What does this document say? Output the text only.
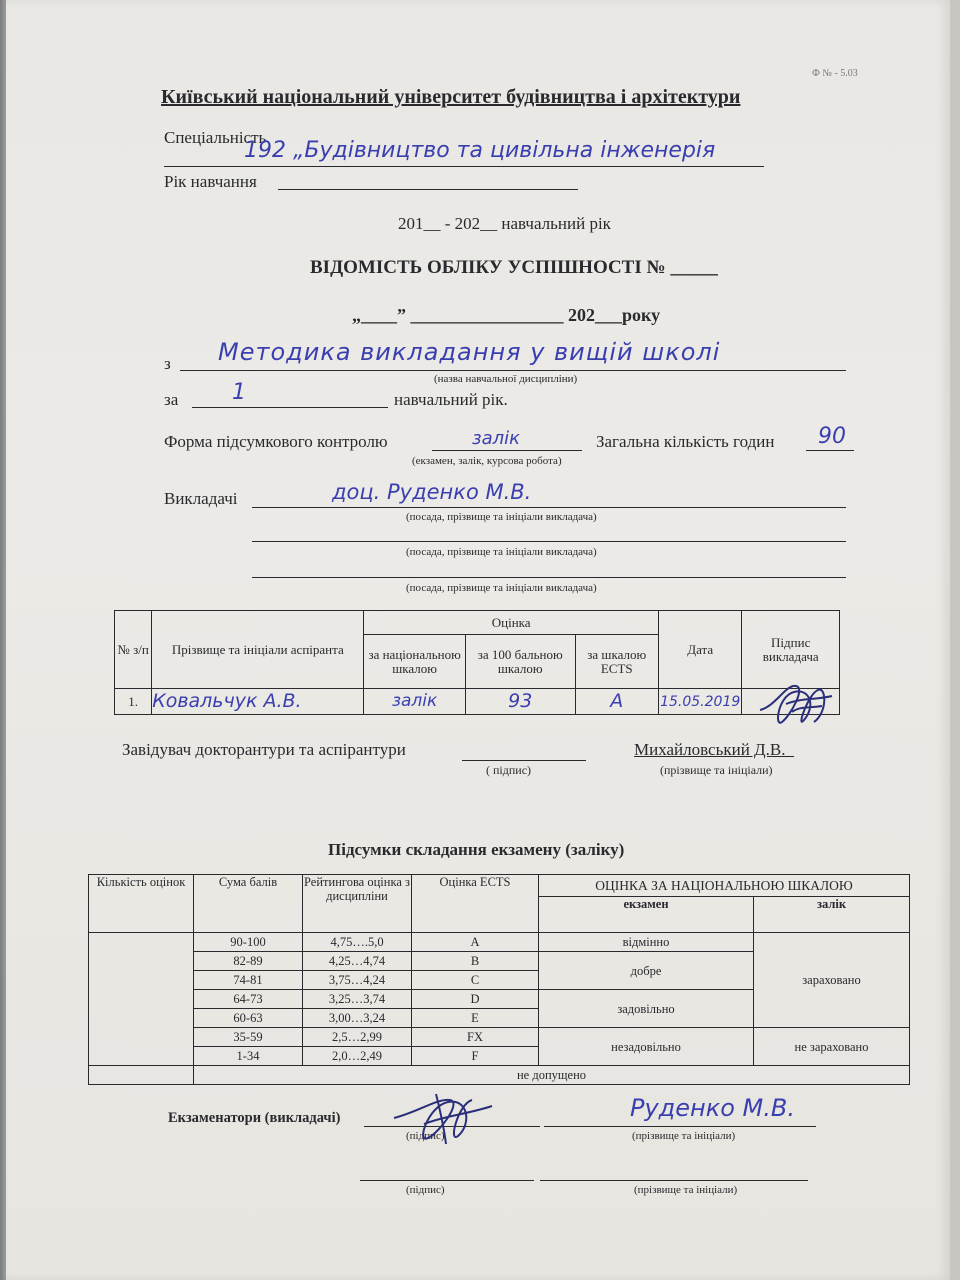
Ф № - 5.03
Київський національний університет будівництва і архітектури
Спеціальність
192 „Будівництво та цивільна інженерія
Рік навчання
201__ - 202__ навчальний рік
ВІДОМІСТЬ ОБЛІКУ УСПІШНОСТІ № _____
„____” _________________ 202___року
з Методика викладання у вищій школі
(назва навчальної дисципліни)
за 1	навчальний рік.
Форма підсумкового контролю	залік
(екзамен, залік, курсова робота)
Загальна кількість годин 90
Викладачі	доц. Руденко М.В.
(посада, прізвище та ініціали викладача)
(посада, прізвище та ініціали викладача)
(посада, прізвище та ініціали викладача)
№ з/п	Прізвище та ініціали аспіранта	Оцінка			Дата	Підпис викладача
		за національною шкалою	за 100 бальною шкалою	за шкалою ECTS		
1.	Ковальчук А.В.	залік	93	А	15.05.2019	
Завідувач докторантури та аспірантури
( підпис)
Михайловський Д.В._
(прізвище та ініціали)
Підсумки складання екзамену (заліку)
Кількість оцінок	Сума балів	Рейтингова оцінка з дисципліни	Оцінка ECTS	ОЦІНКА ЗА НАЦІОНАЛЬНОЮ ШКАЛОЮ	
				екзамен	залік
	90-100	4,75….5,0	А	відмінно	зараховано
	82-89	4,25…4,74	В	добре	
	74-81	3,75…4,24	С		
	64-73	3,25…3,74	D	задовільно	
	60-63	3,00…3,24	Е		
	35-59	2,5…2,99	FX	незадовільно	не зараховано
	1-34	2,0…2,49	F		
	не допущено				
Екзаменатори (викладачі)
(підпис)
Руденко М.В.
(прізвище та ініціали)
(підпис)	(прізвище та ініціали)
